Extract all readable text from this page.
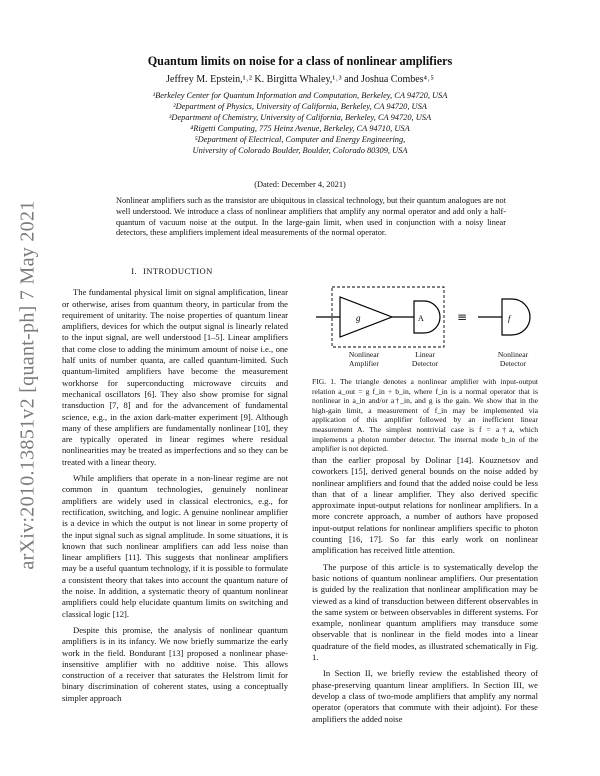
arXiv:2010.13851v2 [quant-ph] 7 May 2021
Quantum limits on noise for a class of nonlinear amplifiers
Jeffrey M. Epstein,¹˒² K. Birgitta Whaley,¹˒³ and Joshua Combes⁴˒⁵
¹Berkeley Center for Quantum Information and Computation, Berkeley, CA 94720, USA
²Department of Physics, University of California, Berkeley, CA 94720, USA
³Department of Chemistry, University of California, Berkeley, CA 94720, USA
⁴Rigetti Computing, 775 Heinz Avenue, Berkeley, CA 94710, USA
⁵Department of Electrical, Computer and Energy Engineering,
University of Colorado Boulder, Boulder, Colorado 80309, USA
(Dated: December 4, 2021)
Nonlinear amplifiers such as the transistor are ubiquitous in classical technology, but their quantum analogues are not well understood. We introduce a class of nonlinear amplifiers that amplify any normal operator and add only a half-quantum of vacuum noise at the output. In the large-gain limit, when used in conjunction with a noisy linear detectors, these amplifiers implement ideal measurements of the normal operator.
I. INTRODUCTION

The fundamental physical limit on signal amplification, linear or otherwise, arises from quantum theory, in particular from the requirement of unitarity. The noise properties of quantum linear amplifiers, devices for which the output signal is linearly related to the input signal, are well understood [1–5]. Linear amplifiers that come close to adding the minimum amount of noise i.e., one half units of number quanta, are called quantum-limited. Such quantum-limited amplifiers have become the measurement workhorse for superconducting microwave circuits and mechanical oscillators [6]. They also show promise for signal transduction [7, 8] and for the advancement of fundamental science, e.g., in the axion dark-matter experiment [9]. Although many of these amplifiers are fundamentally nonlinear [10], they are typically operated in linear regimes where residual nonlinearities may be treated as imperfections and so they can be treated with a linear theory.

While amplifiers that operate in a non-linear regime are not common in quantum technologies, genuinely nonlinear amplifiers are widely used in classical electronics, e.g., for rectification, switching, and logic. A genuine nonlinear amplifier is a device in which the output is not linear in some property of the input signal such as signal amplitude. In some situations, it is known that such nonlinear amplifiers can add less noise than linear amplifiers [11]. This suggests that nonlinear amplifiers may be a useful quantum technology, if it is possible to formulate a consistent theory that takes into account the quantum nature of the noise. In addition, a systematic theory of quantum nonlinear amplifiers could help elucidate quantum limits on switching and classical logic [12].

Despite this promise, the analysis of nonlinear quantum amplifiers is in its infancy. We now briefly summarize the early work in the field. Bondurant [13] proposed a nonlinear phase-insensitive amplifier with no additive noise. This allows construction of a receiver that saturates the Helstrom limit for binary discrimination of coherent states, using a conceptually simpler approach

g	A	≡	f
Nonlinear
Amplifier
Linear
Detector
Nonlinear
Detector
FIG. 1. The triangle denotes a nonlinear amplifier with input-output relation a_out = g f_in + b_in, where f_in is a normal operator that is nonlinear in a_in and/or a†_in, and g is the gain. We show that in the high-gain limit, a measurement of f_in may be implemented via application of this amplifier followed by an inefficient linear measurement A. The simplest nontrivial case is f = a†a, which implements a photon number detector. The internal mode b_in of the amplifier is not depicted.

than the earlier proposal by Dolinar [14]. Kouznetsov and coworkers [15], derived general bounds on the noise added by nonlinear amplifiers and found that the added noise could be less than that of a linear amplifier. They also derived specific approximate input-output relations for nonlinear amplifiers. In a more concrete approach, a number of authors have proposed input-output relations for nonlinear amplifiers specific to photon counting [16, 17]. So far this early work on nonlinear amplification has received little attention.

The purpose of this article is to systematically develop the basic notions of quantum nonlinear amplifiers. Our presentation is guided by the realization that nonlinear amplification may be viewed as a kind of transduction between different observables in the same system or between observables in different systems. For example, nonlinear quantum amplifiers may transduce some observable that is nonlinear in the field modes into a linear quadrature of the field modes, as illustrated schematically in Fig. 1.

In Section II, we briefly review the established theory of phase-preserving quantum linear amplifiers. In Section III, we develop a class of two-mode amplifiers that amplify any normal operator (operators that commute with their adjoint). For these amplifiers the added noise
